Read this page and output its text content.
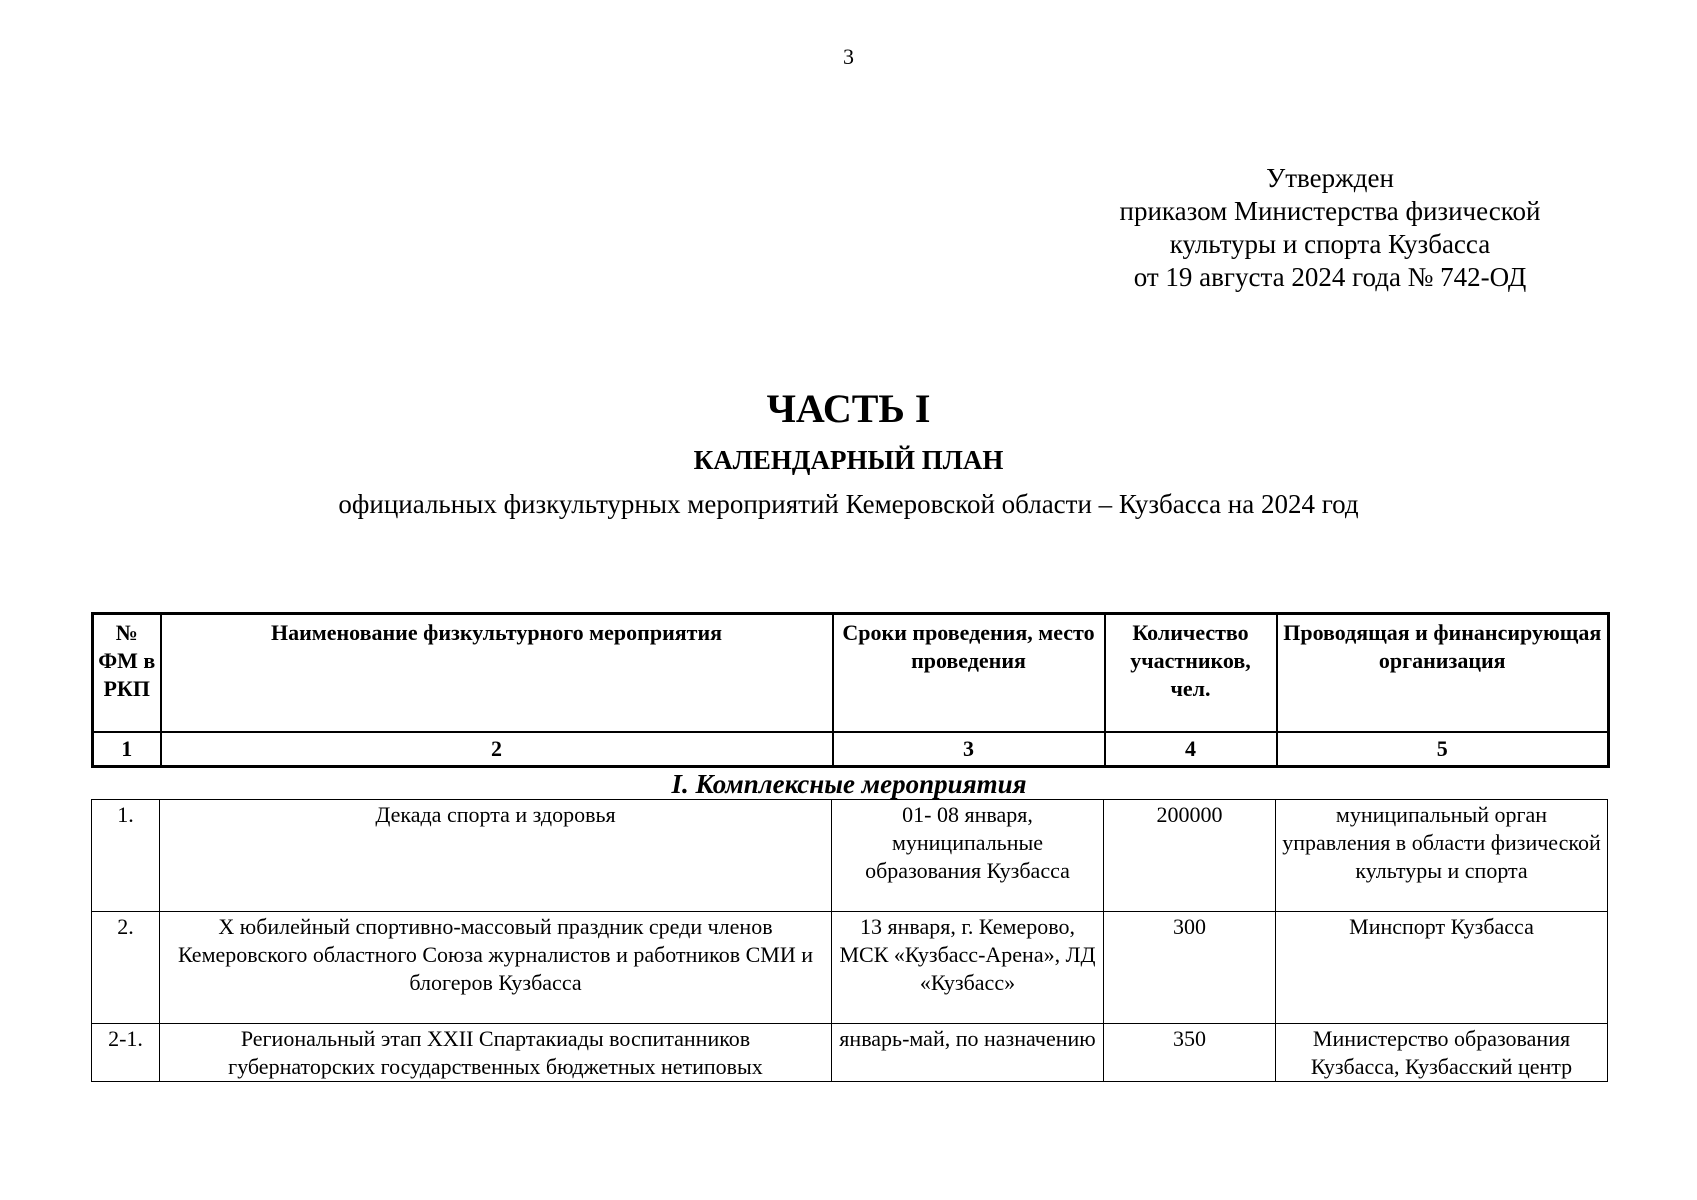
3
Утвержден
приказом Министерства физической
культуры и спорта Кузбасса
от 19 августа 2024 года № 742-ОД
ЧАСТЬ I
КАЛЕНДАРНЫЙ ПЛАН
официальных физкультурных мероприятий Кемеровской области – Кузбасса на 2024 год
№ ФМ в РКП	Наименование физкультурного мероприятия	Сроки проведения, место проведения	Количество участников, чел.	Проводящая и финансирующая организация
1	2	3	4	5
I. Комплексные мероприятия
1.	Декада спорта и здоровья	01- 08 января, муниципальные образования Кузбасса	200000	муниципальный орган управления в области физической культуры и спорта
2.	Х юбилейный спортивно-массовый праздник среди членов Кемеровского областного Союза журналистов и работников СМИ и блогеров Кузбасса	13 января, г. Кемерово, МСК «Кузбасс-Арена», ЛД «Кузбасс»	300	Минспорт Кузбасса
2-1.	Региональный этап XXII Спартакиады воспитанников губернаторских государственных бюджетных нетиповых	январь-май, по назначению	350	Министерство образования Кузбасса, Кузбасский центр
